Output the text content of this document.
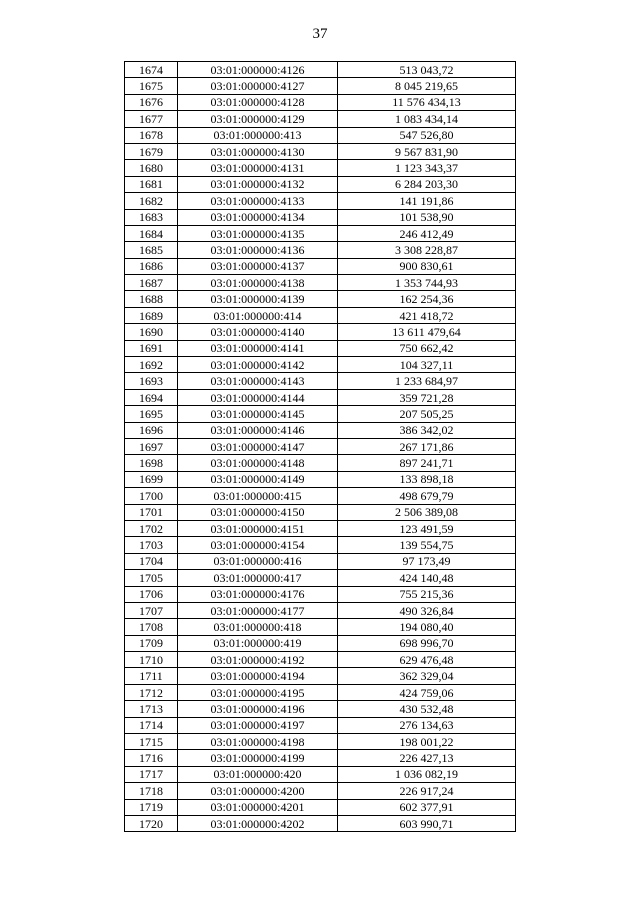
37
1674	03:01:000000:4126	513 043,72
1675	03:01:000000:4127	8 045 219,65
1676	03:01:000000:4128	11 576 434,13
1677	03:01:000000:4129	1 083 434,14
1678	03:01:000000:413	547 526,80
1679	03:01:000000:4130	9 567 831,90
1680	03:01:000000:4131	1 123 343,37
1681	03:01:000000:4132	6 284 203,30
1682	03:01:000000:4133	141 191,86
1683	03:01:000000:4134	101 538,90
1684	03:01:000000:4135	246 412,49
1685	03:01:000000:4136	3 308 228,87
1686	03:01:000000:4137	900 830,61
1687	03:01:000000:4138	1 353 744,93
1688	03:01:000000:4139	162 254,36
1689	03:01:000000:414	421 418,72
1690	03:01:000000:4140	13 611 479,64
1691	03:01:000000:4141	750 662,42
1692	03:01:000000:4142	104 327,11
1693	03:01:000000:4143	1 233 684,97
1694	03:01:000000:4144	359 721,28
1695	03:01:000000:4145	207 505,25
1696	03:01:000000:4146	386 342,02
1697	03:01:000000:4147	267 171,86
1698	03:01:000000:4148	897 241,71
1699	03:01:000000:4149	133 898,18
1700	03:01:000000:415	498 679,79
1701	03:01:000000:4150	2 506 389,08
1702	03:01:000000:4151	123 491,59
1703	03:01:000000:4154	139 554,75
1704	03:01:000000:416	97 173,49
1705	03:01:000000:417	424 140,48
1706	03:01:000000:4176	755 215,36
1707	03:01:000000:4177	490 326,84
1708	03:01:000000:418	194 080,40
1709	03:01:000000:419	698 996,70
1710	03:01:000000:4192	629 476,48
1711	03:01:000000:4194	362 329,04
1712	03:01:000000:4195	424 759,06
1713	03:01:000000:4196	430 532,48
1714	03:01:000000:4197	276 134,63
1715	03:01:000000:4198	198 001,22
1716	03:01:000000:4199	226 427,13
1717	03:01:000000:420	1 036 082,19
1718	03:01:000000:4200	226 917,24
1719	03:01:000000:4201	602 377,91
1720	03:01:000000:4202	603 990,71
